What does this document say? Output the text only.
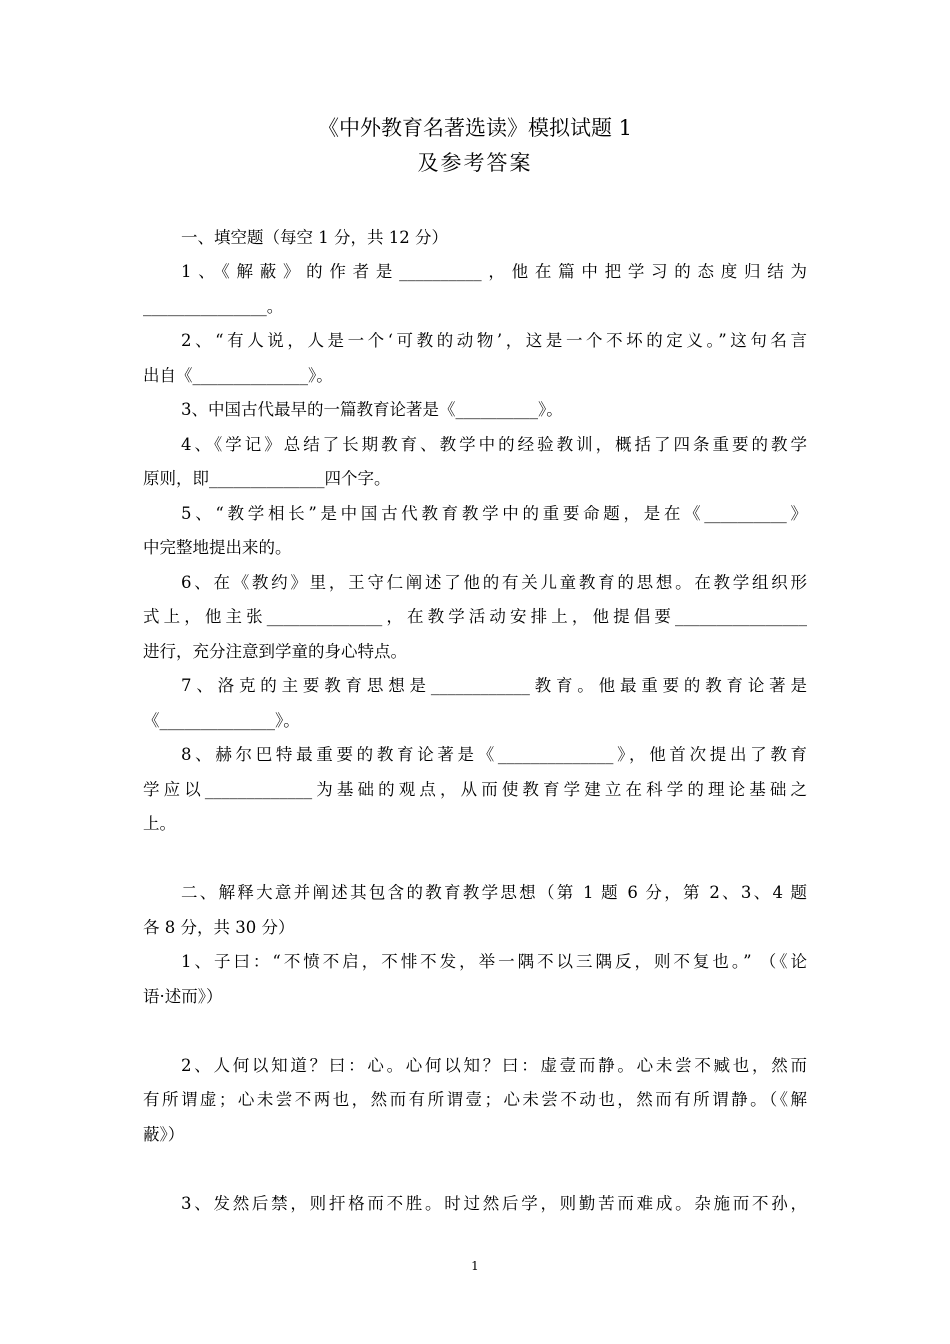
《中外教育名著选读》模拟试题 1
及参考答案
一、填空题（每空 1 分，共 12 分）
1、《解蔽》的作者是__________，他在篇中把学习的态度归结为
_______________。
2、“有人说，人是一个‘可教的动物’，这是一个不坏的定义。”这句名言
出自《______________》。
3、中国古代最早的一篇教育论著是《__________》。
4、《学记》总结了长期教育、教学中的经验教训，概括了四条重要的教学
原则，即______________四个字。
5、“教学相长”是中国古代教育教学中的重要命题，是在《__________》
中完整地提出来的。
6、在《教约》里，王守仁阐述了他的有关儿童教育的思想。在教学组织形
式上，他主张______________，在教学活动安排上，他提倡要________________
进行，充分注意到学童的身心特点。
7、洛克的主要教育思想是____________教育。他最重要的教育论著是
《______________》。
8、赫尔巴特最重要的教育论著是《______________》，他首次提出了教育
学应以_____________为基础的观点，从而使教育学建立在科学的理论基础之
上。
二、解释大意并阐述其包含的教育教学思想（第 1 题 6 分，第 2、3、4 题
各 8 分，共 30 分）
1、子曰：“不愤不启，不悱不发，举一隅不以三隅反，则不复也。” （《论
语·述而》）
2、人何以知道？曰：心。心何以知？曰：虚壹而静。心未尝不臧也，然而
有所谓虚；心未尝不两也，然而有所谓壹；心未尝不动也，然而有所谓静。（《解
蔽》）
3、发然后禁，则扞格而不胜。时过然后学，则勤苦而难成。杂施而不孙，
1
